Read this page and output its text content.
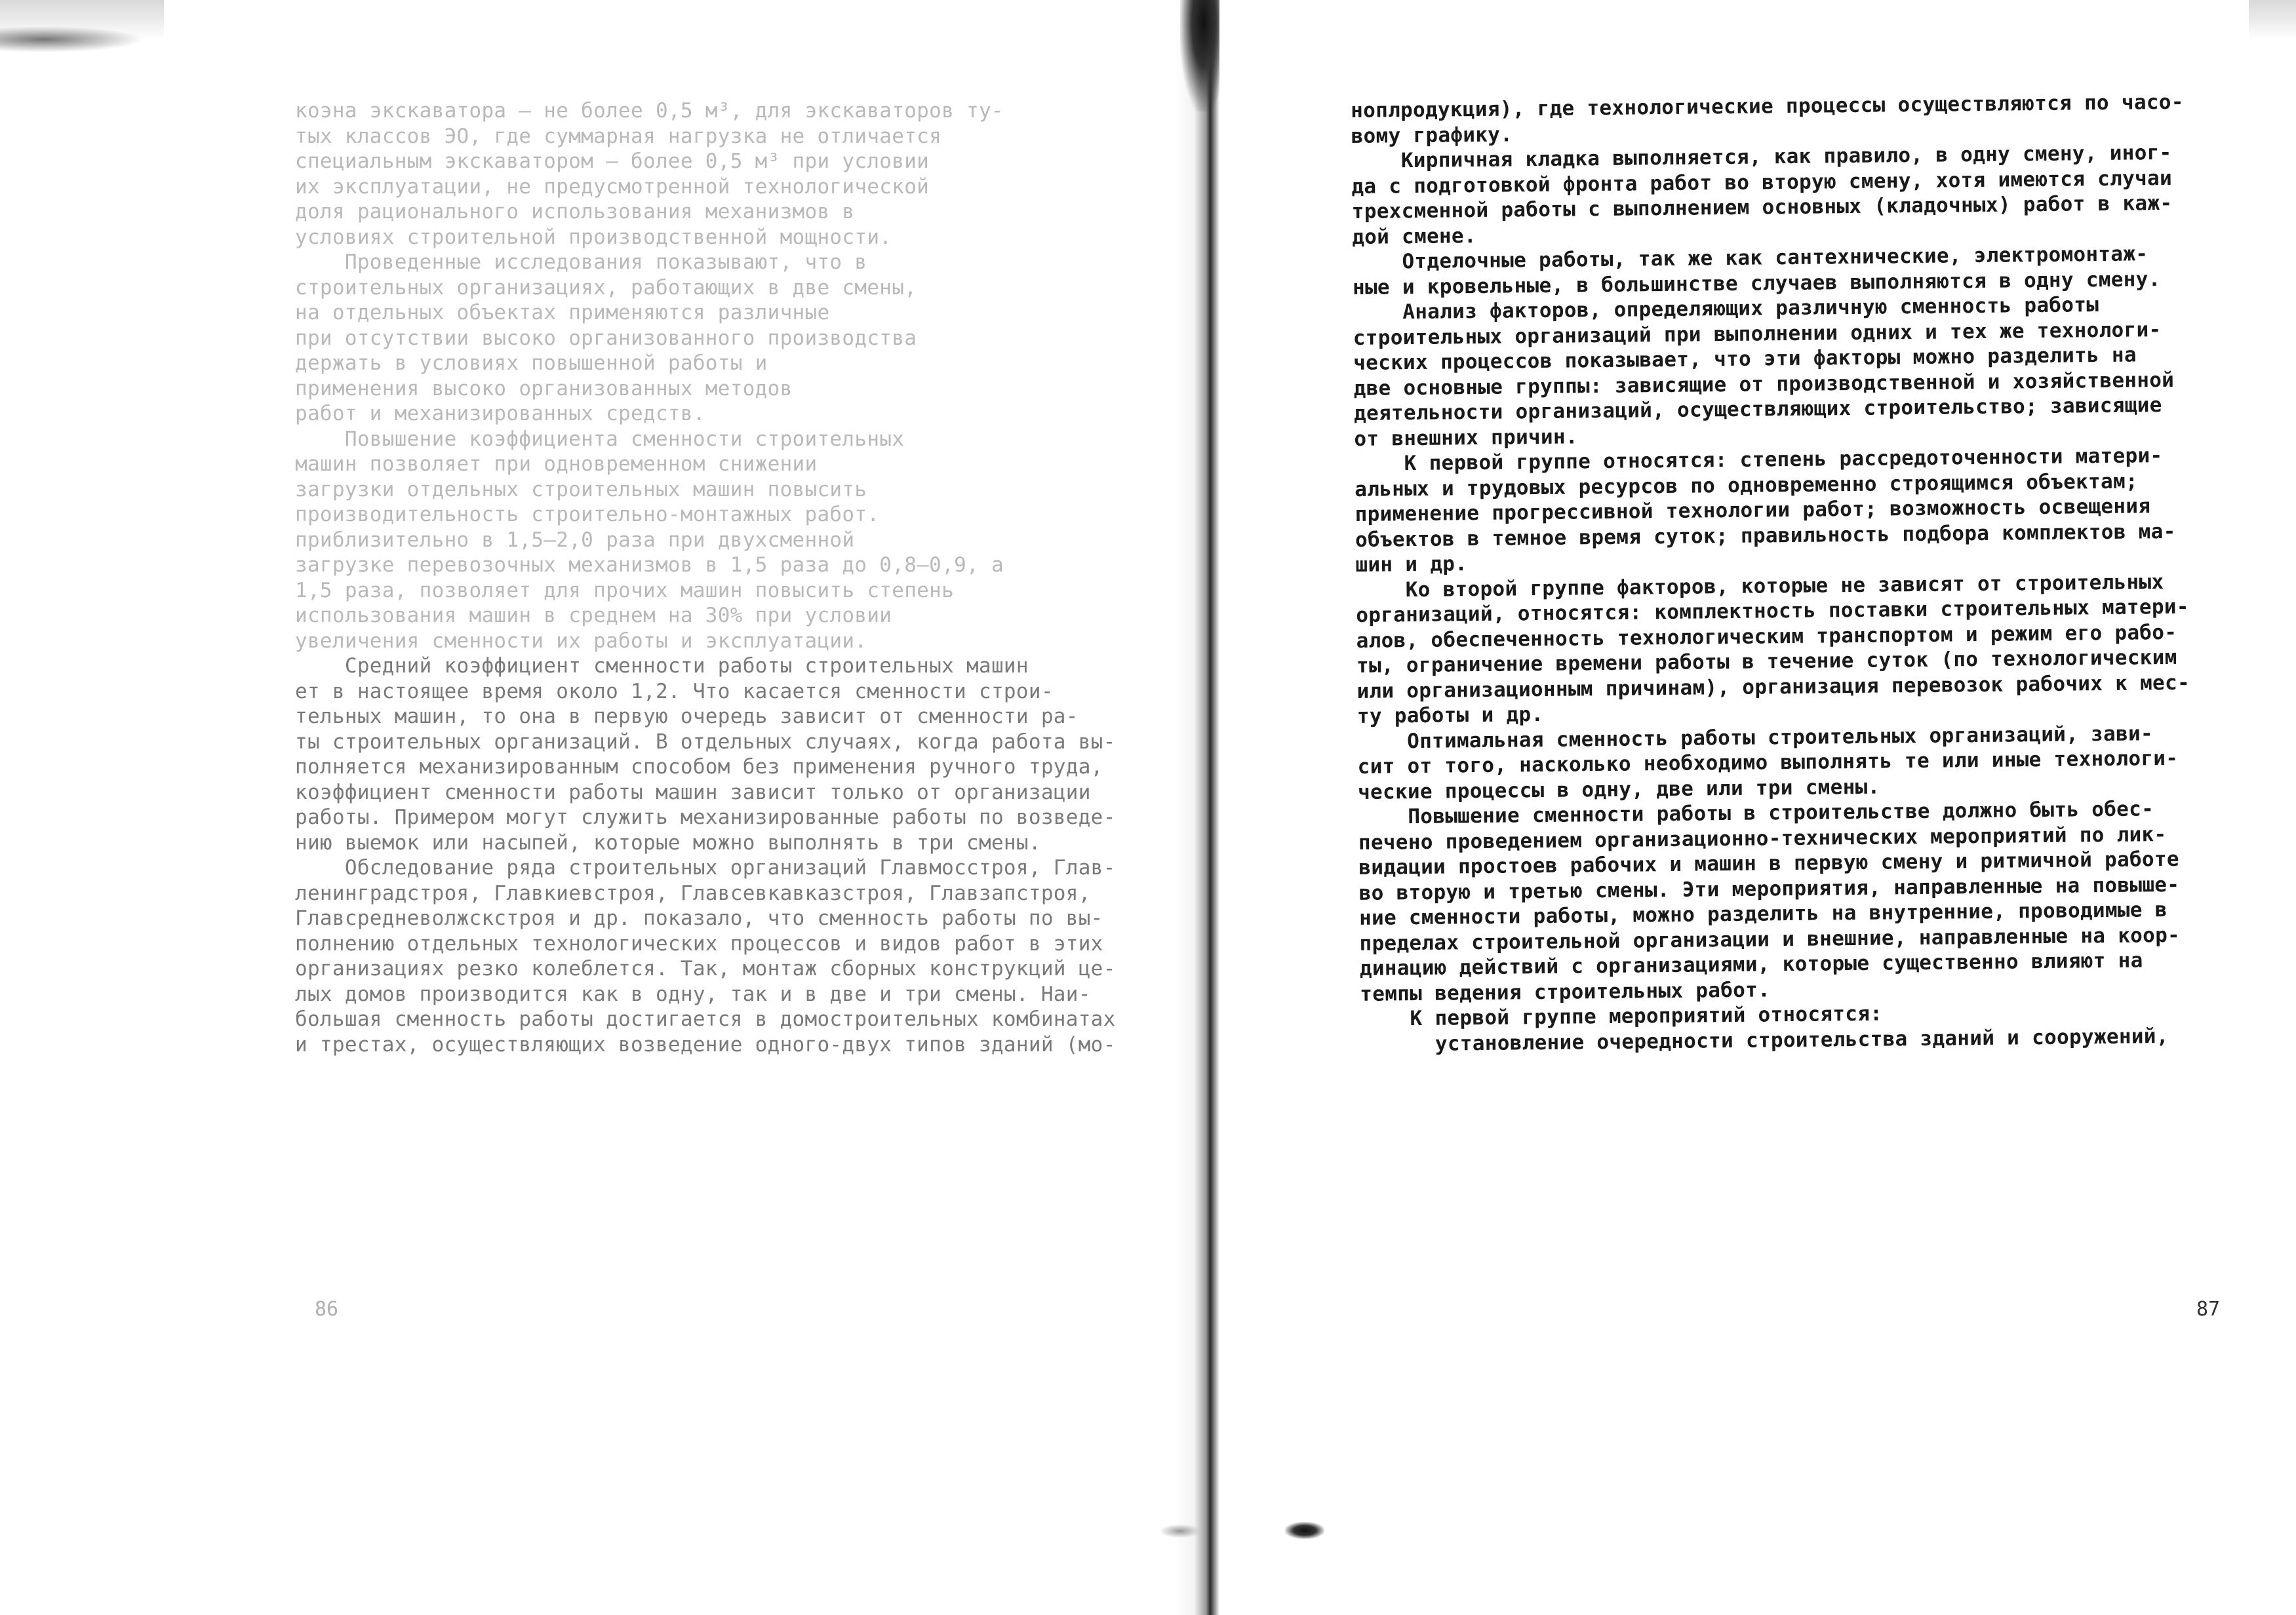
коэна экскаватора — не более 0,5 м³, для экскаваторов ту-
тых классов ЭО, где суммарная нагрузка не отличается
специальным экскаватором — более 0,5 м³ при условии
их эксплуатации, не предусмотренной технологической
доля рационального использования механизмов в
условиях строительной производственной мощности.
Проведенные исследования показывают, что в
строительных организациях, работающих в две смены,
на отдельных объектах применяются различные
при отсутствии высоко организованного производства
держать в условиях повышенной работы и
применения высоко организованных методов
работ и механизированных средств.
Повышение коэффициента сменности строительных
машин позволяет при одновременном снижении
загрузки отдельных строительных машин повысить
производительность строительно-монтажных работ.
приблизительно в 1,5–2,0 раза при двухсменной
загрузке перевозочных механизмов в 1,5 раза до 0,8–0,9, а
1,5 раза, позволяет для прочих машин повысить степень
использования машин в среднем на 30% при условии
увеличения сменности их работы и эксплуатации.
Средний коэффициент сменности работы строительных машин
ет в настоящее время около 1,2. Что касается сменности строи-
тельных машин, то она в первую очередь зависит от сменности ра-
ты строительных организаций. В отдельных случаях, когда работа вы-
полняется механизированным способом без применения ручного труда,
коэффициент сменности работы машин зависит только от организации
работы. Примером могут служить механизированные работы по возведе-
нию выемок или насыпей, которые можно выполнять в три смены.
Обследование ряда строительных организаций Главмосстроя, Глав-
ленинградстроя, Главкиевстроя, Главсевкавказстроя, Главзапстроя,
Главсредневолжскстроя и др. показало, что сменность работы по вы-
полнению отдельных технологических процессов и видов работ в этих
организациях резко колеблется. Так, монтаж сборных конструкций це-
лых домов производится как в одну, так и в две и три смены. Наи-
большая сменность работы достигается в домостроительных комбинатах
и трестах, осуществляющих возведение одного-двух типов зданий (мо-
86
ноплродукция), где технологические процессы осуществляются по часо-
вому графику.
Кирпичная кладка выполняется, как правило, в одну смену, иног-
да с подготовкой фронта работ во вторую смену, хотя имеются случаи
трехсменной работы с выполнением основных (кладочных) работ в каж-
дой смене.
Отделочные работы, так же как сантехнические, электромонтаж-
ные и кровельные, в большинстве случаев выполняются в одну смену.
Анализ факторов, определяющих различную сменность работы
строительных организаций при выполнении одних и тех же технологи-
ческих процессов показывает, что эти факторы можно разделить на
две основные группы: зависящие от производственной и хозяйственной
деятельности организаций, осуществляющих строительство; зависящие
от внешних причин.
К первой группе относятся: степень рассредоточенности матери-
альных и трудовых ресурсов по одновременно строящимся объектам;
применение прогрессивной технологии работ; возможность освещения
объектов в темное время суток; правильность подбора комплектов ма-
шин и др.
Ко второй группе факторов, которые не зависят от строительных
организаций, относятся: комплектность поставки строительных матери-
алов, обеспеченность технологическим транспортом и режим его рабо-
ты, ограничение времени работы в течение суток (по технологическим
или организационным причинам), организация перевозок рабочих к мес-
ту работы и др.
Оптимальная сменность работы строительных организаций, зави-
сит от того, насколько необходимо выполнять те или иные технологи-
ческие процессы в одну, две или три смены.
Повышение сменности работы в строительстве должно быть обес-
печено проведением организационно-технических мероприятий по лик-
видации простоев рабочих и машин в первую смену и ритмичной работе
во вторую и третью смены. Эти мероприятия, направленные на повыше-
ние сменности работы, можно разделить на внутренние, проводимые в
пределах строительной организации и внешние, направленные на коор-
динацию действий с организациями, которые существенно влияют на
темпы ведения строительных работ.
К первой группе мероприятий относятся:
установление очередности строительства зданий и сооружений,
87
